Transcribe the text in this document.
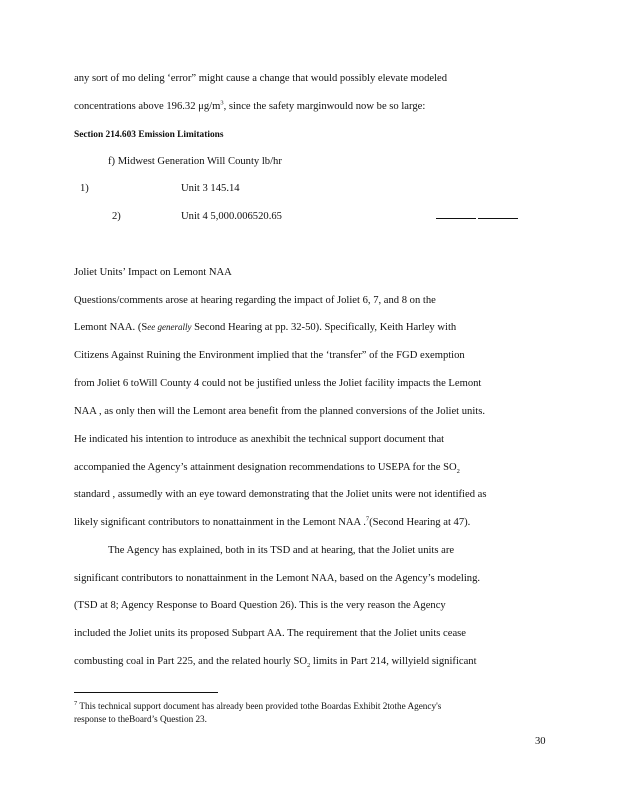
any sort of mo deling ‘error” might cause a change that would possibly elevate modeled
concentrations above 196.32 $\mu g/m^3$, since the safety marginwould now be so large:
Section 214.603 Emission Limitations
f) Midwest Generation Will County lb/hr
1)	Unit 3 145.14
2)	Unit 4 5,000.006520.65
Joliet Units’ Impact on Lemont NAA
Questions/comments arose at hearing regarding the impact of Joliet 6, 7, and 8 on the
Lemont NAA. (See generally Second Hearing at pp. 32-50). Specifically, Keith Harley with
Citizens Against Ruining the Environment implied that the ‘transfer” of the FGD exemption
from Joliet 6 toWill County 4 could not be justified unless the Joliet facility impacts the Lemont
NAA , as only then will the Lemont area benefit from the planned conversions of the Joliet units.
He indicated his intention to introduce as anexhibit the technical support document that
accompanied the Agency’s attainment designation recommendations to USEPA for the $SO_2$
standard , assumedly with an eye toward demonstrating that the Joliet units were not identified as
likely significant contributors to nonattainment in the Lemont NAA .$^7$(Second Hearing at 47).
The Agency has explained, both in its TSD and at hearing, that the Joliet units are
significant contributors to nonattainment in the Lemont NAA, based on the Agency’s modeling.
(TSD at 8; Agency Response to Board Question 26). This is the very reason the Agency
included the Joliet units its proposed Subpart AA. The requirement that the Joliet units cease
combusting coal in Part 225, and the related hourly $SO_2$ limits in Part 214, willyield significant
$^7$ This technical support document has already been provided tothe Boardas Exhibit 2tothe Agency's
response to theBoard’s Question 23.
30
